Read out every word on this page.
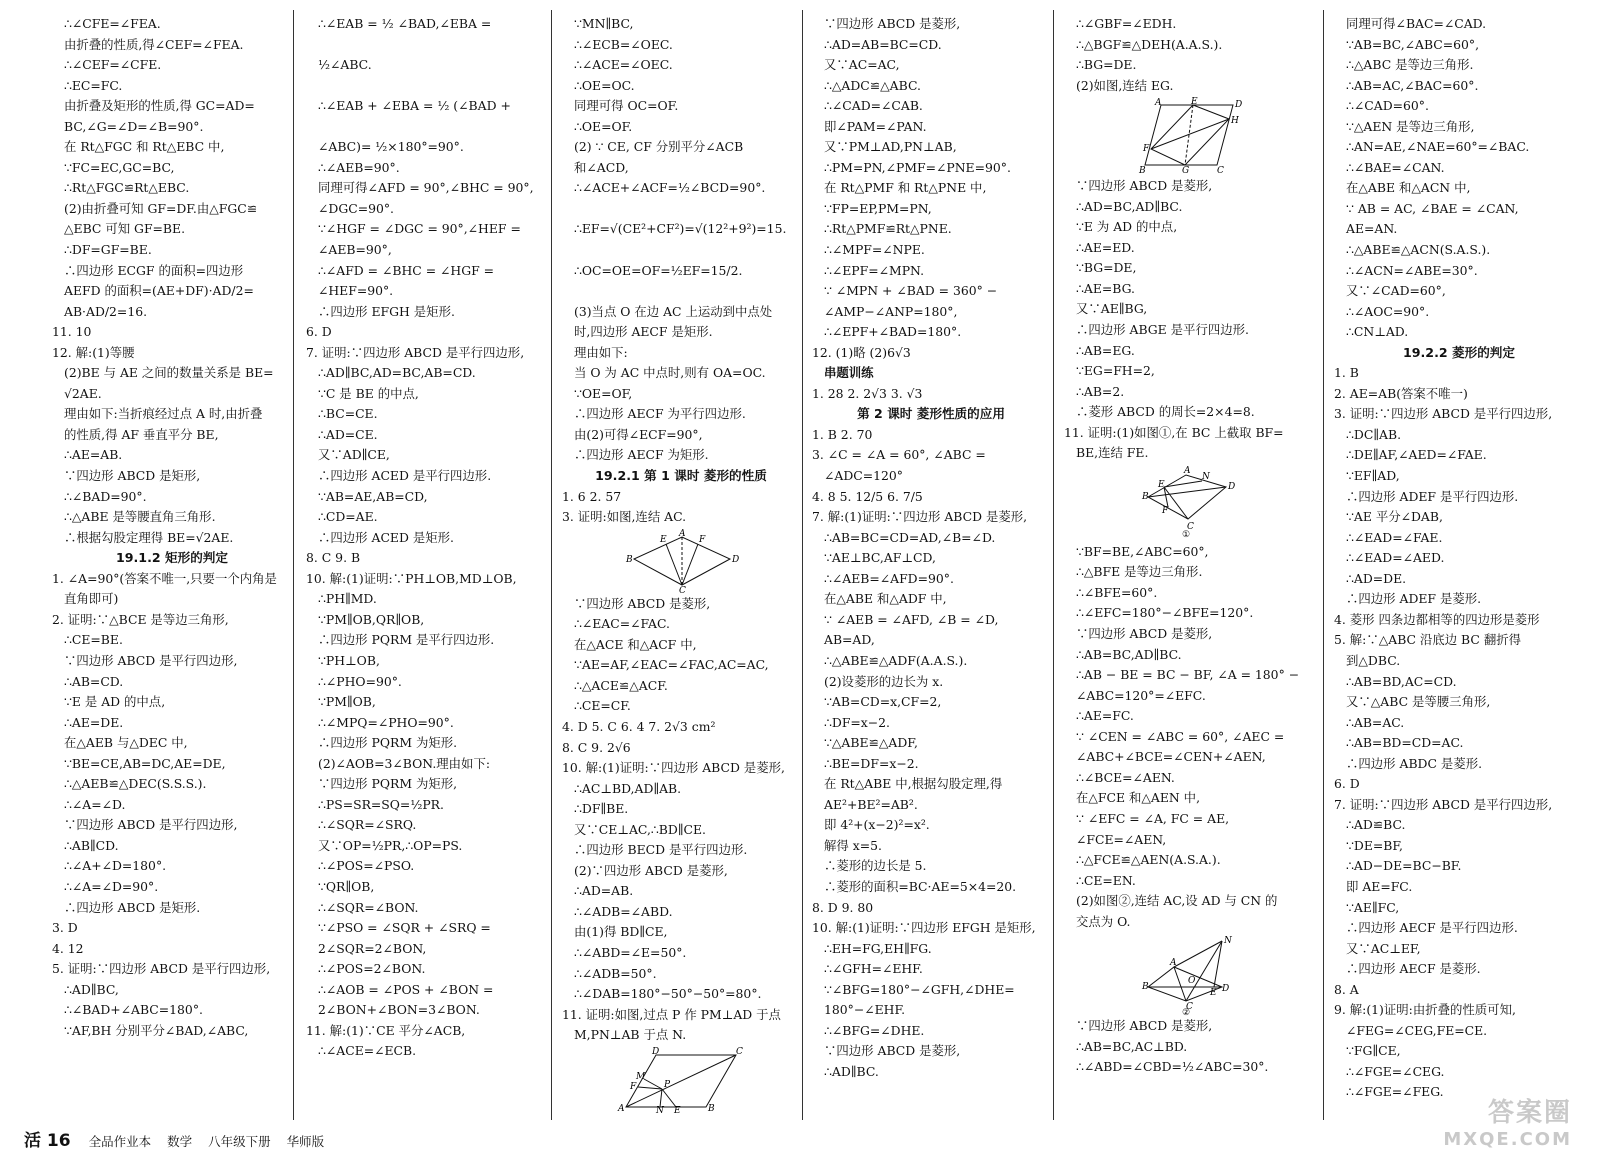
∴∠CFE=∠FEA.
由折叠的性质,得∠CEF=∠FEA.
∴∠CEF=∠CFE.
∴EC=FC.
由折叠及矩形的性质,得 GC=AD=
BC,∠G=∠D=∠B=90°.
在 Rt△FGC 和 Rt△EBC 中,
∵FC=EC,GC=BC,
∴Rt△FGC≌Rt△EBC.
(2)由折叠可知 GF=DF.由△FGC≌
△EBC 可知 GF=BE.
∴DF=GF=BE.
∴四边形 ECGF 的面积=四边形
AEFD 的面积=(AE+DF)·AD/2=
AB·AD/2=16.
11. 10
12. 解:(1)等腰
(2)BE 与 AE 之间的数量关系是 BE=
√2AE.
理由如下:当折痕经过点 A 时,由折叠
的性质,得 AF 垂直平分 BE,
∴AE=AB.
∵四边形 ABCD 是矩形,
∴∠BAD=90°.
∴△ABE 是等腰直角三角形.
∴根据勾股定理得 BE=√2AE.
19.1.2 矩形的判定
1. ∠A=90°(答案不唯一,只要一个内角是
直角即可)
2. 证明:∵△BCE 是等边三角形,
∴CE=BE.
∵四边形 ABCD 是平行四边形,
∴AB=CD.
∵E 是 AD 的中点,
∴AE=DE.
在△AEB 与△DEC 中,
∵BE=CE,AB=DC,AE=DE,
∴△AEB≌△DEC(S.S.S.).
∴∠A=∠D.
∵四边形 ABCD 是平行四边形,
∴AB∥CD.
∴∠A+∠D=180°.
∴∠A=∠D=90°.
∴四边形 ABCD 是矩形.
3. D
4. 12
5. 证明:∵四边形 ABCD 是平行四边形,
∴AD∥BC,
∴∠BAD+∠ABC=180°.
∵AF,BH 分别平分∠BAD,∠ABC,
∴∠EAB = ½ ∠BAD,∠EBA =

½∠ABC.

∴∠EAB + ∠EBA = ½ (∠BAD +

∠ABC)= ½×180°=90°.
∴∠AEB=90°.
同理可得∠AFD = 90°,∠BHC = 90°,
∠DGC=90°.
∵∠HGF = ∠DGC = 90°,∠HEF =
∠AEB=90°,
∴∠AFD = ∠BHC = ∠HGF =
∠HEF=90°.
∴四边形 EFGH 是矩形.
6. D
7. 证明:∵四边形 ABCD 是平行四边形,
∴AD∥BC,AD=BC,AB=CD.
∵C 是 BE 的中点,
∴BC=CE.
∴AD=CE.
又∵AD∥CE,
∴四边形 ACED 是平行四边形.
∵AB=AE,AB=CD,
∴CD=AE.
∴四边形 ACED 是矩形.
8. C 9. B
10. 解:(1)证明:∵PH⊥OB,MD⊥OB,
∴PH∥MD.
∵PM∥OB,QR∥OB,
∴四边形 PQRM 是平行四边形.
∵PH⊥OB,
∴∠PHO=90°.
∵PM∥OB,
∴∠MPQ=∠PHO=90°.
∴四边形 PQRM 为矩形.
(2)∠AOB=3∠BON.理由如下:
∵四边形 PQRM 为矩形,
∴PS=SR=SQ=½PR.
∴∠SQR=∠SRQ.
又∵OP=½PR,∴OP=PS.
∴∠POS=∠PSO.
∵QR∥OB,
∴∠SQR=∠BON.
∵∠PSO = ∠SQR + ∠SRQ =
2∠SQR=2∠BON,
∴∠POS=2∠BON.
∴∠AOB = ∠POS + ∠BON =
2∠BON+∠BON=3∠BON.
11. 解:(1)∵CE 平分∠ACB,
∴∠ACE=∠ECB.
∵MN∥BC,
∴∠ECB=∠OEC.
∴∠ACE=∠OEC.
∴OE=OC.
同理可得 OC=OF.
∴OE=OF.
(2) ∵ CE, CF 分别平分∠ACB
和∠ACD,
∴∠ACE+∠ACF=½∠BCD=90°.

∴EF=√(CE²+CF²)=√(12²+9²)=15.

∴OC=OE=OF=½EF=15/2.

(3)当点 O 在边 AC 上运动到中点处
时,四边形 AECF 是矩形.
理由如下:
当 O 为 AC 中点时,则有 OA=OC.
∵OE=OF,
∴四边形 AECF 为平行四边形.
由(2)可得∠ECF=90°,
∴四边形 AECF 为矩形.
19.2.1 第 1 课时 菱形的性质
1. 6 2. 57
3. 证明:如图,连结 AC.
B
A
D
C
E	F
∵四边形 ABCD 是菱形,
∴∠EAC=∠FAC.
在△ACE 和△ACF 中,
∵AE=AF,∠EAC=∠FAC,AC=AC,
∴△ACE≌△ACF.
∴CE=CF.
4. D 5. C 6. 4 7. 2√3 cm²
8. C 9. 2√6
10. 解:(1)证明:∵四边形 ABCD 是菱形,
∴AC⊥BD,AD∥AB.
∴DF∥BE.
又∵CE⊥AC,∴BD∥CE.
∴四边形 BECD 是平行四边形.
(2)∵四边形 ABCD 是菱形,
∴AD=AB.
∴∠ADB=∠ABD.
由(1)得 BD∥CE,
∴∠ABD=∠E=50°.
∴∠ADB=50°.
∴∠DAB=180°−50°−50°=80°.
11. 证明:如图,过点 P 作 PM⊥AD 于点
M,PN⊥AB 于点 N.
D	C
A	B
N E
F
M
P
∵四边形 ABCD 是菱形,
∴AD=AB=BC=CD.
又∵AC=AC,
∴△ADC≌△ABC.
∴∠CAD=∠CAB.
即∠PAM=∠PAN.
又∵PM⊥AD,PN⊥AB,
∴PM=PN,∠PMF=∠PNE=90°.
在 Rt△PMF 和 Rt△PNE 中,
∵FP=EP,PM=PN,
∴Rt△PMF≌Rt△PNE.
∴∠MPF=∠NPE.
∴∠EPF=∠MPN.
∵ ∠MPN + ∠BAD = 360° −
∠AMP−∠ANP=180°,
∴∠EPF+∠BAD=180°.
12. (1)略 (2)6√3
串题训练
1. 28 2. 2√3 3. √3
第 2 课时 菱形性质的应用
1. B 2. 70
3. ∠C = ∠A = 60°, ∠ABC =
∠ADC=120°
4. 8 5. 12/5 6. 7/5
7. 解:(1)证明:∵四边形 ABCD 是菱形,
∴AB=BC=CD=AD,∠B=∠D.
∵AE⊥BC,AF⊥CD,
∴∠AEB=∠AFD=90°.
在△ABE 和△ADF 中,
∵ ∠AEB = ∠AFD, ∠B = ∠D,
AB=AD,
∴△ABE≌△ADF(A.A.S.).
(2)设菱形的边长为 x.
∵AB=CD=x,CF=2,
∴DF=x−2.
∵△ABE≌△ADF,
∴BE=DF=x−2.
在 Rt△ABE 中,根据勾股定理,得
AE²+BE²=AB².
即 4²+(x−2)²=x².
解得 x=5.
∴菱形的边长是 5.
∴菱形的面积=BC·AE=5×4=20.
8. D 9. 80
10. 解:(1)证明:∵四边形 EFGH 是矩形,
∴EH=FG,EH∥FG.
∴∠GFH=∠EHF.
∵∠BFG=180°−∠GFH,∠DHE=
180°−∠EHF.
∴∠BFG=∠DHE.
∵四边形 ABCD 是菱形,
∴AD∥BC.
∴∠GBF=∠EDH.
∴△BGF≌△DEH(A.A.S.).
∴BG=DE.
(2)如图,连结 EG.
A	E	D
H
F
B	G	C
∵四边形 ABCD 是菱形,
∴AD=BC,AD∥BC.
∵E 为 AD 的中点,
∴AE=ED.
∵BG=DE,
∴AE=BG.
又∵AE∥BG,
∴四边形 ABGE 是平行四边形.
∴AB=EG.
∵EG=FH=2,
∴AB=2.
∴菱形 ABCD 的周长=2×4=8.
11. 证明:(1)如图①,在 BC 上截取 BF=
BE,连结 FE.
B
A
D
C
E
F
N
①
∵BF=BE,∠ABC=60°,
∴△BFE 是等边三角形.
∴∠BFE=60°.
∴∠EFC=180°−∠BFE=120°.
∵四边形 ABCD 是菱形,
∴AB=BC,AD∥BC.
∴AB − BE = BC − BF, ∠A = 180° −
∠ABC=120°=∠EFC.
∴AE=FC.
∵ ∠CEN = ∠ABC = 60°, ∠AEC =
∠ABC+∠BCE=∠CEN+∠AEN,
∴∠BCE=∠AEN.
在△FCE 和△AEN 中,
∵ ∠EFC = ∠A, FC = AE,
∠FCE=∠AEN,
∴△FCE≌△AEN(A.S.A.).
∴CE=EN.
(2)如图②,连结 AC,设 AD 与 CN 的
交点为 O.
B
A
N
D
E
O
C
②
∵四边形 ABCD 是菱形,
∴AB=BC,AC⊥BD.
∴∠ABD=∠CBD=½∠ABC=30°.
同理可得∠BAC=∠CAD.
∵AB=BC,∠ABC=60°,
∴△ABC 是等边三角形.
∴AB=AC,∠BAC=60°.
∴∠CAD=60°.
∵△AEN 是等边三角形,
∴AN=AE,∠NAE=60°=∠BAC.
∴∠BAE=∠CAN.
在△ABE 和△ACN 中,
∵ AB = AC, ∠BAE = ∠CAN,
AE=AN.
∴△ABE≌△ACN(S.A.S.).
∴∠ACN=∠ABE=30°.
又∵∠CAD=60°,
∴∠AOC=90°.
∴CN⊥AD.
19.2.2 菱形的判定
1. B
2. AE=AB(答案不唯一)
3. 证明:∵四边形 ABCD 是平行四边形,
∴DC∥AB.
∴DE∥AF,∠AED=∠FAE.
∵EF∥AD,
∴四边形 ADEF 是平行四边形.
∵AE 平分∠DAB,
∴∠EAD=∠FAE.
∴∠EAD=∠AED.
∴AD=DE.
∴四边形 ADEF 是菱形.
4. 菱形 四条边都相等的四边形是菱形
5. 解:∵△ABC 沿底边 BC 翻折得
到△DBC.
∴AB=BD,AC=CD.
又∵△ABC 是等腰三角形,
∴AB=AC.
∴AB=BD=CD=AC.
∴四边形 ABDC 是菱形.
6. D
7. 证明:∵四边形 ABCD 是平行四边形,
∴AD≌BC.
∵DE=BF,
∴AD−DE=BC−BF.
即 AE=FC.
∵AE∥FC,
∴四边形 AECF 是平行四边形.
又∵AC⊥EF,
∴四边形 AECF 是菱形.
8. A
9. 解:(1)证明:由折叠的性质可知,
∠FEG=∠CEG,FE=CE.
∵FG∥CE,
∴∠FGE=∠CEG.
∴∠FGE=∠FEG.
活 16 全品作业本 数学 八年级下册 华师版
答案圈
MXQE.COM
